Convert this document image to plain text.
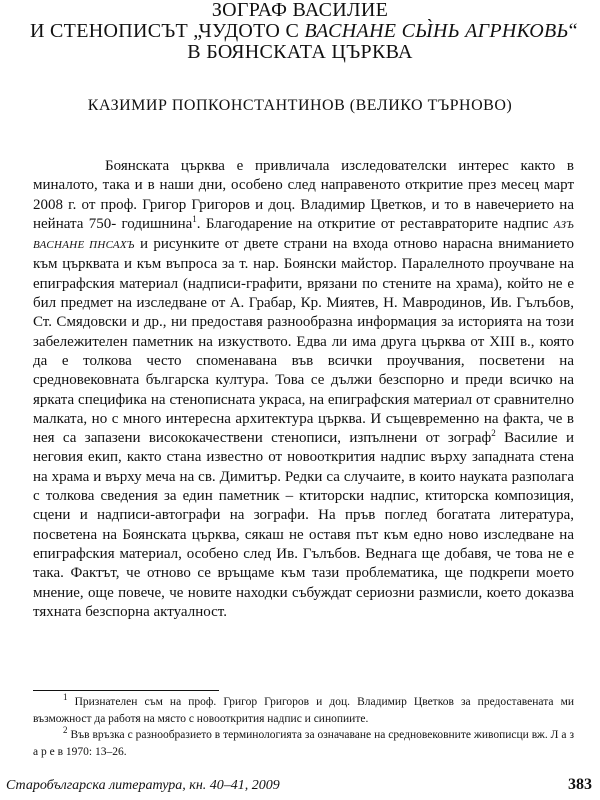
ЗОГРАФ ВАСИЛИЕ
И СТЕНОПИСЪТ „ЧУДОТО С ВАСНАНЕ СЫ̀НЬ АГРНКОВЬ“
В БОЯНСКАТА ЦЪРКВА
КАЗИМИР ПОПКОНСТАНТИНОВ (ВЕЛИКО ТЪРНОВО)
Боянската църква е привличала изследователски интерес както в миналото, така и в наши дни, особено след направеното откритие през месец март 2008 г. от проф. Григор Григоров и доц. Владимир Цветков, и то в навечерието на нейната 750- годишнина$^1$. Благодарение на откритие от реставраторите надпис АЗЪ ВАСНАНЕ ПНСАХЪ и рисунките от двете страни на входа отново нарасна вниманието към църквата и към въпроса за т. нар. Боянски майстор. Паралелното проучване на епиграфския материал (надписи-графити, врязани по стените на храма), който не е бил предмет на изследване от А. Грабар, Кр. Миятев, Н. Мавродинов, Ив. Гълъбов, Ст. Смядовски и др., ни предоставя разнообразна информация за историята на този забележителен паметник на изкуството. Едва ли има друга църква от XIII в., която да е толкова често споменавана във всички проучвания, посветени на средновековната българска култура. Това се дължи безспорно и преди всичко на ярката специфика на стенописната украса, на епиграфския материал от сравнително малката, но с много интересна архитектура църква. И същевременно на факта, че в нея са запазени висококачествени стенописи, изпълнени от зограф$^2$ Василие и неговия екип, както стана известно от новооткрития надпис върху западната стена на храма и върху меча на св. Димитър. Редки са случаите, в които науката разполага с толкова сведения за един паметник – ктиторски надпис, ктиторска композиция, сцени и надписи-автографи на зографи. На пръв поглед богатата литература, посветена на Боянската църква, сякаш не оставя път към едно ново изследване на епиграфския материал, особено след Ив. Гълъбов. Веднага ще добавя, че това не е така. Фактът, че отново се връщаме към тази проблематика, ще подкрепи моето мнение, още повече, че новите находки събуждат сериозни размисли, което доказва тяхната безспорна актуалност.
$^1$ Признателен съм на проф. Григор Григоров и доц. Владимир Цветков за предоставената ми възможност да работя на място с новооткрития надпис и синопиите.
$^2$ Във връзка с разнообразието в терминологията за означаване на средновековните живописци вж. Л а з а р е в 1970: 13–26.
Старобългарска литература, кн. 40–41, 2009	383
